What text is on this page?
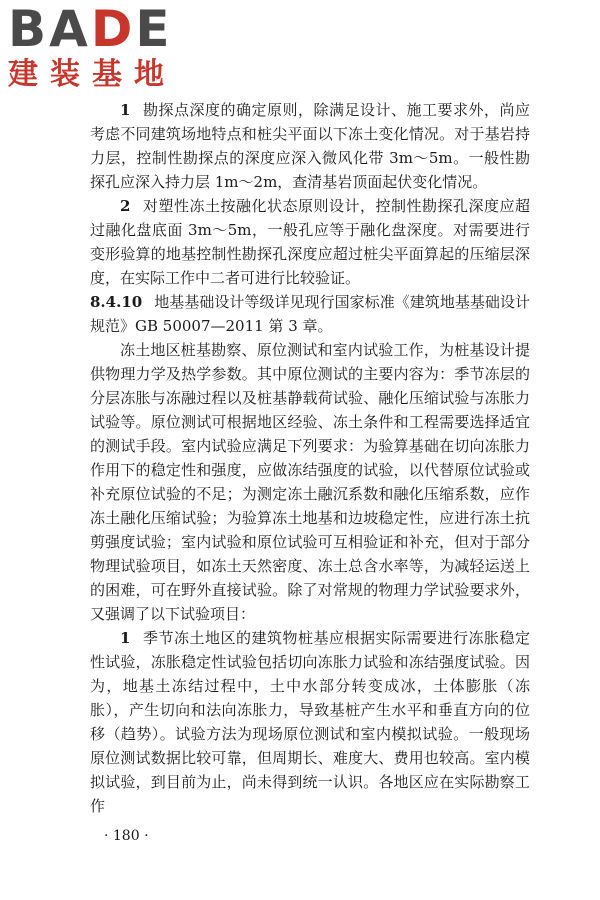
BADE
建装基地

1 勘探点深度的确定原则，除满足设计、施工要求外，尚应考虑不同建筑场地特点和桩尖平面以下冻土变化情况。对于基岩持力层，控制性勘探点的深度应深入微风化带 3m～5m。一般性勘探孔应深入持力层 1m～2m，查清基岩顶面起伏变化情况。

2 对塑性冻土按融化状态原则设计，控制性勘探孔深度应超过融化盘底面 3m～5m，一般孔应等于融化盘深度。对需要进行变形验算的地基控制性勘探孔深度应超过桩尖平面算起的压缩层深度，在实际工作中二者可进行比较验证。

8.4.10 地基基础设计等级详见现行国家标准《建筑地基基础设计规范》GB 50007—2011 第 3 章。

冻土地区桩基勘察、原位测试和室内试验工作，为桩基设计提供物理力学及热学参数。其中原位测试的主要内容为：季节冻层的分层冻胀与冻融过程以及桩基静载荷试验、融化压缩试验与冻胀力试验等。原位测试可根据地区经验、冻土条件和工程需要选择适宜的测试手段。室内试验应满足下列要求：为验算基础在切向冻胀力作用下的稳定性和强度，应做冻结强度的试验，以代替原位试验或补充原位试验的不足；为测定冻土融沉系数和融化压缩系数，应作冻土融化压缩试验；为验算冻土地基和边坡稳定性，应进行冻土抗剪强度试验；室内试验和原位试验可互相验证和补充，但对于部分物理试验项目，如冻土天然密度、冻土总含水率等，为减轻运送上的困难，可在野外直接试验。除了对常规的物理力学试验要求外，又强调了以下试验项目：

1 季节冻土地区的建筑物桩基应根据实际需要进行冻胀稳定性试验，冻胀稳定性试验包括切向冻胀力试验和冻结强度试验。因为，地基土冻结过程中，土中水部分转变成冰，土体膨胀（冻胀），产生切向和法向冻胀力，导致基桩产生水平和垂直方向的位移（趋势）。试验方法为现场原位测试和室内模拟试验。一般现场原位测试数据比较可靠，但周期长、难度大、费用也较高。室内模拟试验，到目前为止，尚未得到统一认识。各地区应在实际勘察工作

· 180 ·
